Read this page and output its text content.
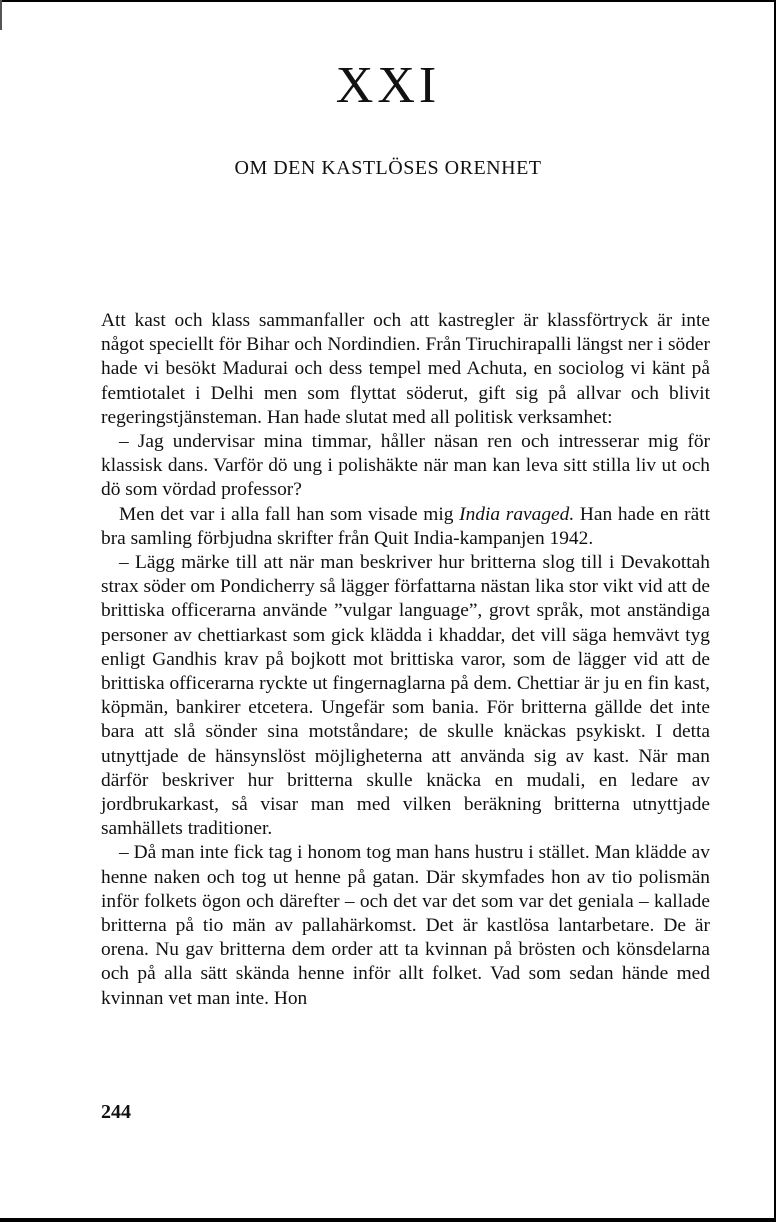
XXI
OM DEN KASTLÖSES ORENHET

Att kast och klass sammanfaller och att kastregler är klassförtryck är inte något speciellt för Bihar och Nordindien. Från Tiruchirapalli längst ner i söder hade vi besökt Madurai och dess tempel med Achuta, en sociolog vi känt på femtiotalet i Delhi men som flyttat söderut, gift sig på allvar och blivit regeringstjänsteman. Han hade slutat med all politisk verksamhet:

– Jag undervisar mina timmar, håller näsan ren och intresserar mig för klassisk dans. Varför dö ung i polishäkte när man kan leva sitt stilla liv ut och dö som vördad professor?

Men det var i alla fall han som visade mig India ravaged. Han hade en rätt bra samling förbjudna skrifter från Quit India-kampanjen 1942.

– Lägg märke till att när man beskriver hur britterna slog till i Devakottah strax söder om Pondicherry så lägger författarna nästan lika stor vikt vid att de brittiska officerarna använde ”vulgar language”, grovt språk, mot anständiga personer av chettiarkast som gick klädda i khaddar, det vill säga hemvävt tyg enligt Gandhis krav på bojkott mot brittiska varor, som de lägger vid att de brittiska officerarna ryckte ut fingernaglarna på dem. Chettiar är ju en fin kast, köpmän, bankirer etcetera. Ungefär som bania. För britterna gällde det inte bara att slå sönder sina motståndare; de skulle knäckas psykiskt. I detta utnyttjade de hänsynslöst möjligheterna att använda sig av kast. När man därför beskriver hur britterna skulle knäcka en mudali, en ledare av jordbrukarkast, så visar man med vilken beräkning britterna utnyttjade samhällets traditioner.

– Då man inte fick tag i honom tog man hans hustru i stället. Man klädde av henne naken och tog ut henne på gatan. Där skymfades hon av tio polismän inför folkets ögon och därefter – och det var det som var det geniala – kallade britterna på tio män av pallahärkomst. Det är kastlösa lantarbetare. De är orena. Nu gav britterna dem order att ta kvinnan på brösten och könsdelarna och på alla sätt skända henne inför allt folket. Vad som sedan hände med kvinnan vet man inte. Hon

244
